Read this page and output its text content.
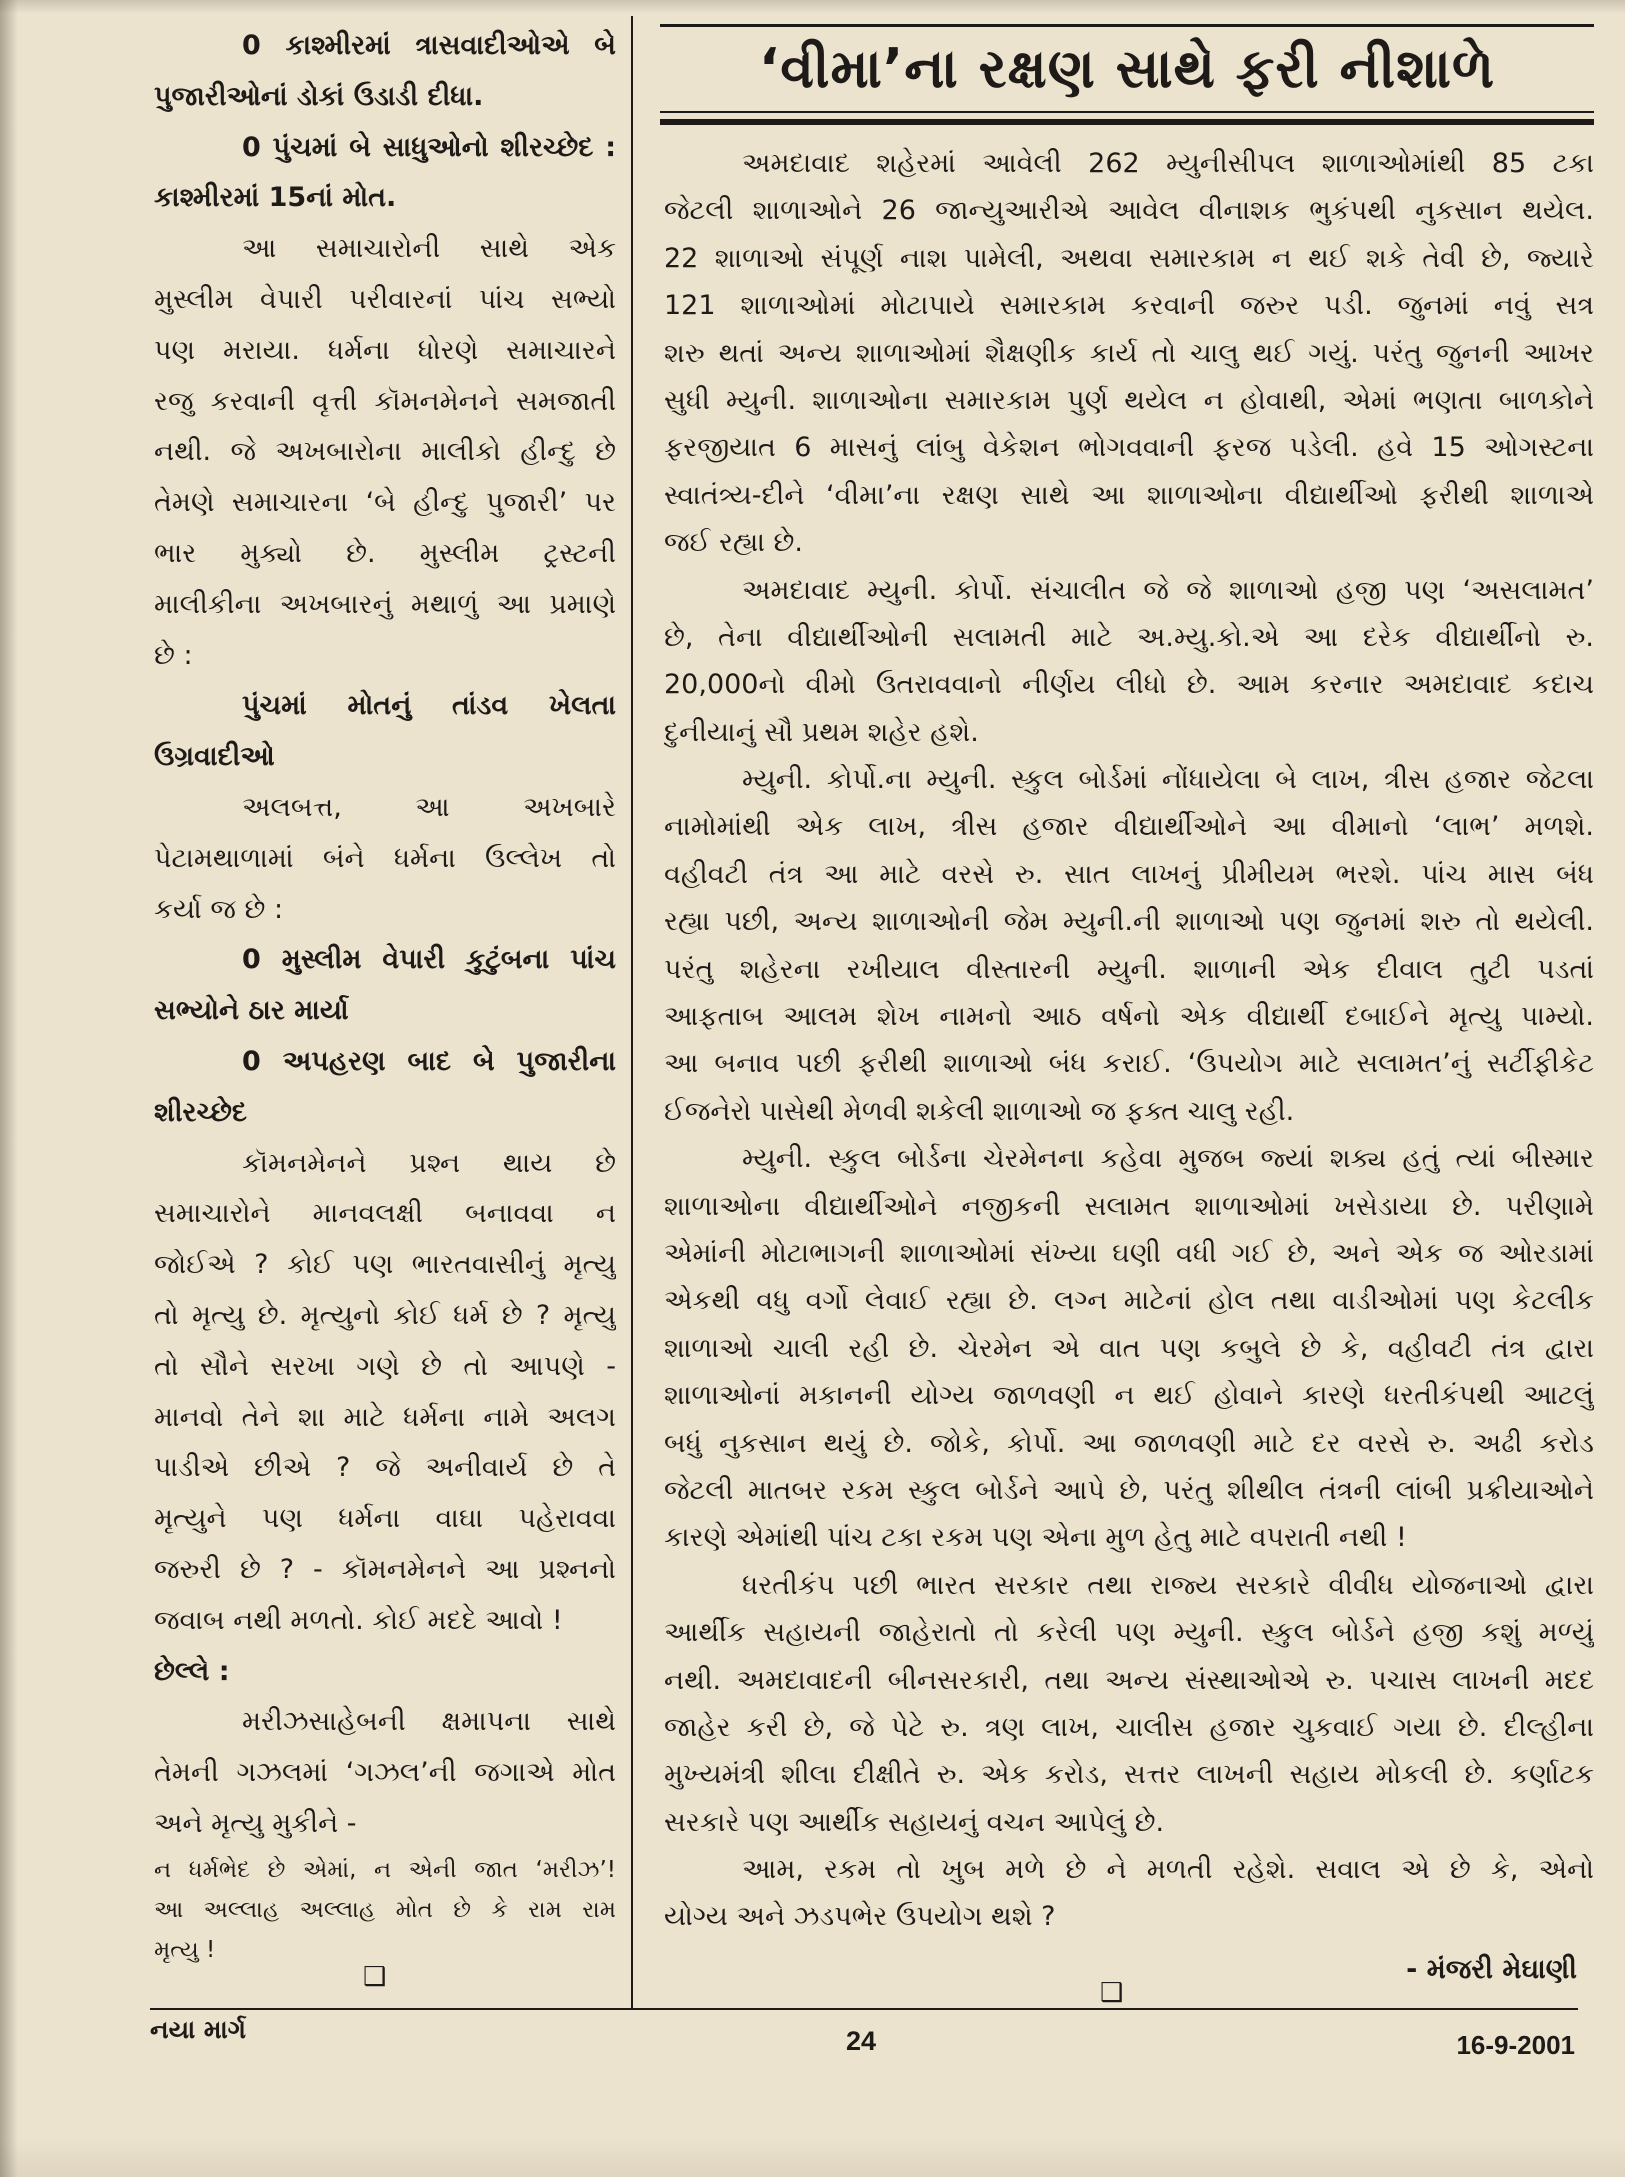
0 કાશ્મીરમાં ત્રાસવાદીઓએ બે
પુજારીઓનાં ડોકાં ઉડાડી દીધા.
0 પુંચમાં બે સાધુઓનો શીરચ્છેદ :
કાશ્મીરમાં 15નાં મોત.
આ સમાચારોની સાથે એક
મુસ્લીમ વેપારી પરીવારનાં પાંચ સભ્યો
પણ મરાયા. ધર્મના ધોરણે સમાચારને
રજુ કરવાની વૃત્તી કૉમનમેનને સમજાતી
નથી. જે અખબારોના માલીકો હીન્દુ છે
તેમણે સમાચારના ‘બે હીન્દુ પુજારી’ પર
ભાર મુક્યો છે. મુસ્લીમ ટ્રસ્ટની
માલીકીના અખબારનું મથાળું આ પ્રમાણે
છે :
પુંચમાં મોતનું તાંડવ ખેલતા
ઉગ્રવાદીઓ
અલબત્ત, આ અખબારે
પેટામથાળામાં બંને ધર્મના ઉલ્લેખ તો
કર્યા જ છે :
0 મુસ્લીમ વેપારી કુટુંબના પાંચ
સભ્યોને ઠાર માર્યા
0 અપહરણ બાદ બે પુજારીના
શીરચ્છેદ
કૉમનમેનને પ્રશ્ન થાય છે
સમાચારોને માનવલક્ષી બનાવવા ન
જોઈએ ? કોઈ પણ ભારતવાસીનું મૃત્યુ
તો મૃત્યુ છે. મૃત્યુનો કોઈ ધર્મ છે ? મૃત્યુ
તો સૌને સરખા ગણે છે તો આપણે -
માનવો તેને શા માટે ધર્મના નામે અલગ
પાડીએ છીએ ? જે અનીવાર્ય છે તે
મૃત્યુને પણ ધર્મના વાઘા પહેરાવવા
જરુરી છે ? - કૉમનમેનને આ પ્રશ્નનો
જવાબ નથી મળતો. કોઈ મદદે આવો !
છેલ્લે :
મરીઝસાહેબની ક્ષમાપના સાથે
તેમની ગઝલમાં ‘ગઝલ’ની જગાએ મોત
અને મૃત્યુ મુકીને -
ન ધર્મભેદ છે એમાં, ન એની જાત ‘મરીઝ’!
આ અલ્લાહ અલ્લાહ મોત છે કે રામ રામ
મૃત્યુ !
❑
‘વીમા’ના રક્ષણ સાથે ફરી નીશાળે
અમદાવાદ શહેરમાં આવેલી 262 મ્યુનીસીપલ શાળાઓમાંથી 85 ટકા
જેટલી શાળાઓને 26 જાન્યુઆરીએ આવેલ વીનાશક ભુકંપથી નુકસાન થયેલ.
22 શાળાઓ સંપૂર્ણ નાશ પામેલી, અથવા સમારકામ ન થઈ શકે તેવી છે, જ્યારે
121 શાળાઓમાં મોટાપાયે સમારકામ કરવાની જરુર પડી. જુનમાં નવું સત્ર
શરુ થતાં અન્ય શાળાઓમાં શૈક્ષણીક કાર્ય તો ચાલુ થઈ ગયું. પરંતુ જુનની આખર
સુધી મ્યુની. શાળાઓના સમારકામ પુર્ણ થયેલ ન હોવાથી, એમાં ભણતા બાળકોને
ફરજીયાત 6 માસનું લાંબુ વેકેશન ભોગવવાની ફરજ પડેલી. હવે 15 ઓગસ્ટના
સ્વાતંત્ર્ય-દીને ‘વીમા’ના રક્ષણ સાથે આ શાળાઓના વીદ્યાર્થીઓ ફરીથી શાળાએ
જઈ રહ્યા છે.
અમદાવાદ મ્યુની. કોર્પો. સંચાલીત જે જે શાળાઓ હજી પણ ‘અસલામત’
છે, તેના વીદ્યાર્થીઓની સલામતી માટે અ.મ્યુ.કો.એ આ દરેક વીદ્યાર્થીનો રુ.
20,000નો વીમો ઉતરાવવાનો નીર્ણય લીધો છે. આમ કરનાર અમદાવાદ કદાચ
દુનીયાનું સૌ પ્રથમ શહેર હશે.
મ્યુની. કોર્પો.ના મ્યુની. સ્કુલ બોર્ડમાં નોંધાયેલા બે લાખ, ત્રીસ હજાર જેટલા
નામોમાંથી એક લાખ, ત્રીસ હજાર વીદ્યાર્થીઓને આ વીમાનો ‘લાભ’ મળશે.
વહીવટી તંત્ર આ માટે વરસે રુ. સાત લાખનું પ્રીમીયમ ભરશે. પાંચ માસ બંધ
રહ્યા પછી, અન્ય શાળાઓની જેમ મ્યુની.ની શાળાઓ પણ જુનમાં શરુ તો થયેલી.
પરંતુ શહેરના રખીયાલ વીસ્તારની મ્યુની. શાળાની એક દીવાલ તુટી પડતાં
આફતાબ આલમ શેખ નામનો આઠ વર્ષનો એક વીદ્યાર્થી દબાઈને મૃત્યુ પામ્યો.
આ બનાવ પછી ફરીથી શાળાઓ બંધ કરાઈ. ‘ઉપયોગ માટે સલામત’નું સર્ટીફીકેટ
ઈજનેરો પાસેથી મેળવી શકેલી શાળાઓ જ ફક્ત ચાલુ રહી.
મ્યુની. સ્કુલ બોર્ડના ચેરમેનના કહેવા મુજબ જ્યાં શક્ય હતું ત્યાં બીસ્માર
શાળાઓના વીદ્યાર્થીઓને નજીકની સલામત શાળાઓમાં ખસેડાયા છે. પરીણામે
એમાંની મોટાભાગની શાળાઓમાં સંખ્યા ઘણી વધી ગઈ છે, અને એક જ ઓરડામાં
એકથી વધુ વર્ગો લેવાઈ રહ્યા છે. લગ્ન માટેનાં હોલ તથા વાડીઓમાં પણ કેટલીક
શાળાઓ ચાલી રહી છે. ચેરમેન એ વાત પણ કબુલે છે કે, વહીવટી તંત્ર દ્વારા
શાળાઓનાં મકાનની યોગ્ય જાળવણી ન થઈ હોવાને કારણે ધરતીકંપથી આટલું
બધું નુકસાન થયું છે. જોકે, કોર્પો. આ જાળવણી માટે દર વરસે રુ. અઢી કરોડ
જેટલી માતબર રકમ સ્કુલ બોર્ડને આપે છે, પરંતુ શીથીલ તંત્રની લાંબી પ્રક્રીયાઓને
કારણે એમાંથી પાંચ ટકા રકમ પણ એના મુળ હેતુ માટે વપરાતી નથી !
ધરતીકંપ પછી ભારત સરકાર તથા રાજ્ય સરકારે વીવીધ યોજનાઓ દ્વારા
આર્થીક સહાયની જાહેરાતો તો કરેલી પણ મ્યુની. સ્કુલ બોર્ડને હજી કશું મળ્યું
નથી. અમદાવાદની બીનસરકારી, તથા અન્ય સંસ્થાઓએ રુ. પચાસ લાખની મદદ
જાહેર કરી છે, જે પેટે રુ. ત્રણ લાખ, ચાલીસ હજાર ચુકવાઈ ગયા છે. દીલ્હીના
મુખ્યમંત્રી શીલા દીક્ષીતે રુ. એક કરોડ, સત્તર લાખની સહાય મોકલી છે. કર્ણાટક
સરકારે પણ આર્થીક સહાયનું વચન આપેલું છે.
આમ, રકમ તો ખુબ મળે છે ને મળતી રહેશે. સવાલ એ છે કે, એનો
યોગ્ય અને ઝડપભેર ઉપયોગ થશે ?
- મંજરી મેઘાણી
❑
નયા માર્ગ	24	16-9-2001
